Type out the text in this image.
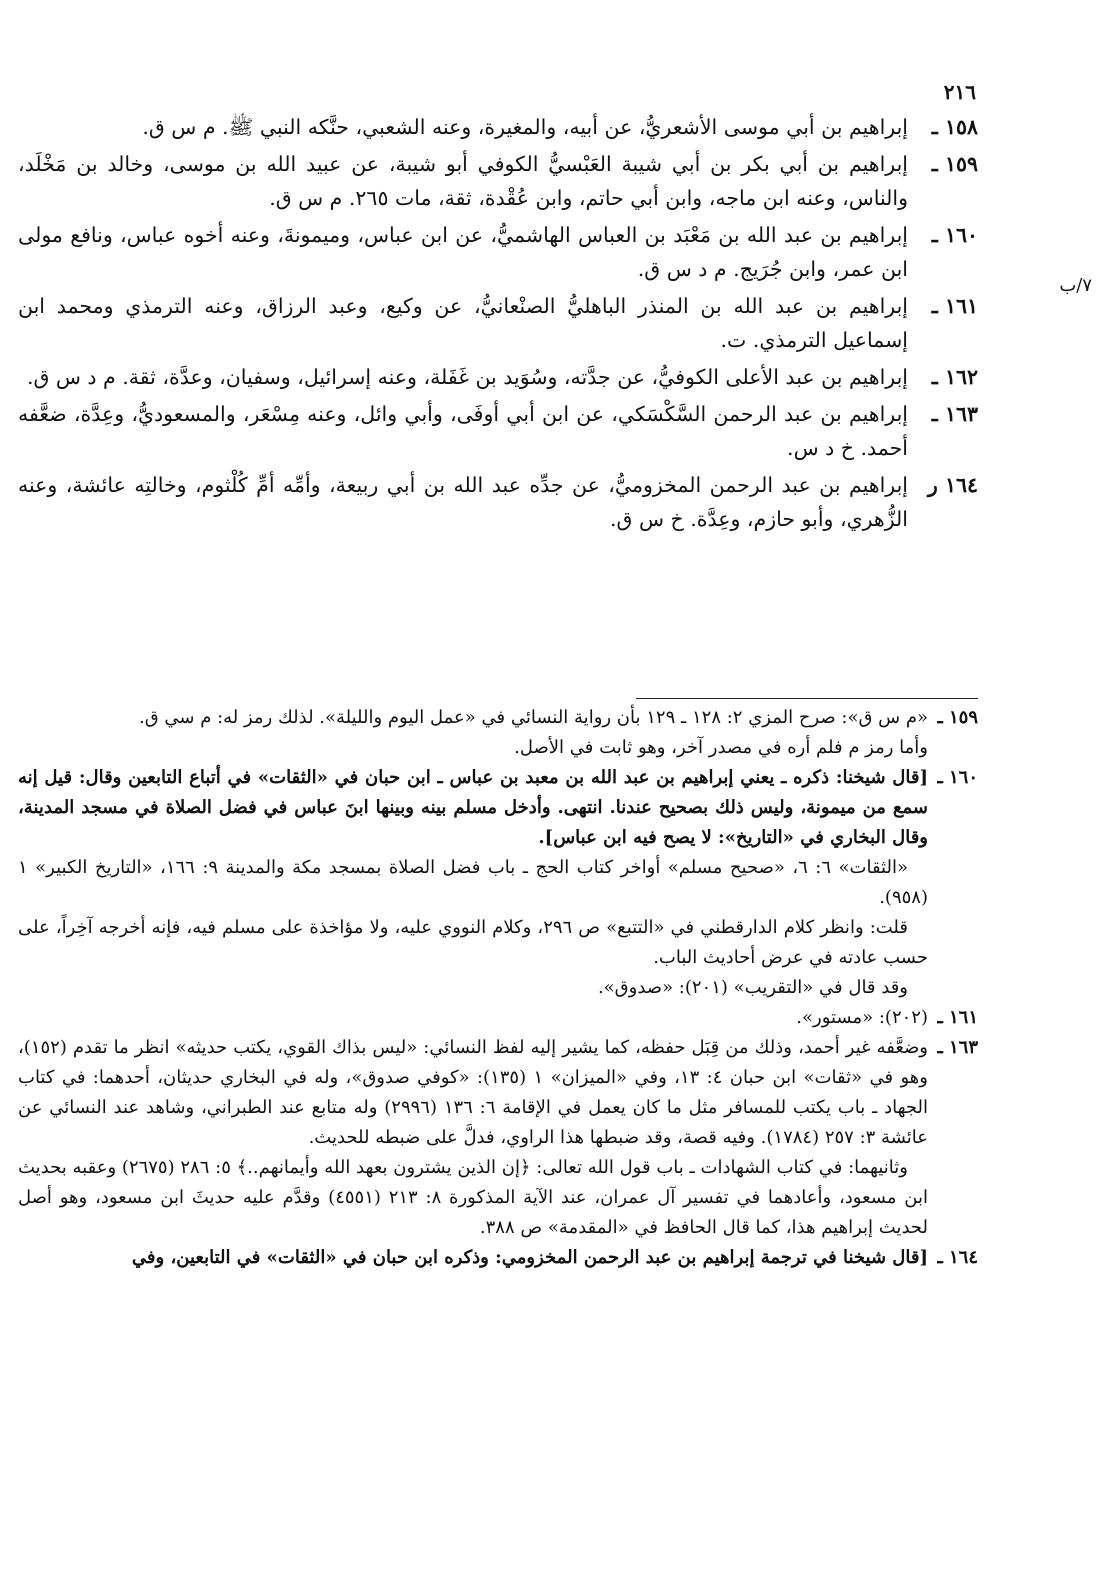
٢١٦

٧/ب

١٥٨ ـ

إبراهيم بن أبي موسى الأشعريُّ، عن أبيه، والمغيرة، وعنه الشعبي، حنَّكه النبي ﷺ. م س ق.

١٥٩ ـ

إبراهيم بن أبي بكر بن أبي شيبة العَبْسيُّ الكوفي أبو شيبة، عن عبيد الله بن موسى، وخالد بن مَخْلَد، والناس، وعنه ابن ماجه، وابن أبي حاتم، وابن عُقْدة، ثقة، مات ٢٦٥. م س ق.

١٦٠ ـ

إبراهيم بن عبد الله بن مَعْبَد بن العباس الهاشميُّ، عن ابن عباس، وميمونةَ، وعنه أخوه عباس، ونافع مولى ابن عمر، وابن جُرَيج. م د س ق.

١٦١ ـ

إبراهيم بن عبد الله بن المنذر الباهليُّ الصنْعانيُّ، عن وكيع، وعبد الرزاق، وعنه الترمذي ومحمد ابن إسماعيل الترمذي. ت.

١٦٢ ـ

إبراهيم بن عبد الأعلى الكوفيُّ، عن جدَّته، وسُوَيد بن غَفَلة، وعنه إسرائيل، وسفيان، وعدَّة، ثقة. م د س ق.

١٦٣ ـ

إبراهيم بن عبد الرحمن السَّكْسَكي، عن ابن أبي أوفَى، وأبي وائل، وعنه مِسْعَر، والمسعوديُّ، وعِدَّة، ضعَّفه أحمد. خ د س.

١٦٤ ر

إبراهيم بن عبد الرحمن المخزوميُّ، عن جدِّه عبد الله بن أبي ربيعة، وأمِّه أمِّ كُلْثوم، وخالتِه عائشة، وعنه الزُّهري، وأبو حازم، وعِدَّة. خ س ق.

١٥٩ ـ

«م س ق»: صرح المزي ٢: ١٢٨ ـ ١٢٩ بأن رواية النسائي في «عمل اليوم والليلة». لذلك رمز له: م سي ق.

وأما رمز م فلم أره في مصدر آخر، وهو ثابت في الأصل.

١٦٠ ـ

[قال شيخنا: ذكره ـ يعني إبراهيم بن عبد الله بن معبد بن عباس ـ ابن حبان في «الثقات» في أتباع التابعين وقال: قيل إنه سمع من ميمونة، وليس ذلك بصحيح عندنا. انتهى. وأدخل مسلم بينه وبينها ابنَ عباس في فضل الصلاة في مسجد المدينة، وقال البخاري في «التاريخ»: لا يصح فيه ابن عباس].

«الثقات» ٦: ٦، «صحيح مسلم» أواخر كتاب الحج ـ باب فضل الصلاة بمسجد مكة والمدينة ٩: ١٦٦، «التاريخ الكبير» ١ (٩٥٨).

قلت: وانظر كلام الدارقطني في «التتبع» ص ٢٩٦، وكلام النووي عليه، ولا مؤاخذة على مسلم فيه، فإنه أخرجه آخِراً، على حسب عادته في عرض أحاديث الباب.

وقد قال في «التقريب» (٢٠١): «صدوق».

١٦١ ـ

(٢٠٢): «مستور».

١٦٣ ـ

وضعَّفه غير أحمد، وذلك من قِبَل حفظه، كما يشير إليه لفظ النسائي: «ليس بذاك القوي، يكتب حديثه» انظر ما تقدم (١٥٢)، وهو في «ثقات» ابن حبان ٤: ١٣، وفي «الميزان» ١ (١٣٥): «كوفي صدوق»، وله في البخاري حديثان، أحدهما: في كتاب الجهاد ـ باب يكتب للمسافر مثل ما كان يعمل في الإقامة ٦: ١٣٦ (٢٩٩٦) وله متابع عند الطبراني، وشاهد عند النسائي عن عائشة ٣: ٢٥٧ (١٧٨٤). وفيه قصة، وقد ضبطها هذا الراوي، فدلَّ على ضبطه للحديث.

وثانيهما: في كتاب الشهادات ـ باب قول الله تعالى: ﴿إن الذين يشترون بعهد الله وأيمانهم..﴾ ٥: ٢٨٦ (٢٦٧٥) وعقبه بحديث ابن مسعود، وأعادهما في تفسير آل عمران، عند الآية المذكورة ٨: ٢١٣ (٤٥٥١) وقدَّم عليه حديثَ ابن مسعود، وهو أصل لحديث إبراهيم هذا، كما قال الحافظ في «المقدمة» ص ٣٨٨.

١٦٤ ـ

[قال شيخنا في ترجمة إبراهيم بن عبد الرحمن المخزومي: وذكره ابن حبان في «الثقات» في التابعين، وفي
